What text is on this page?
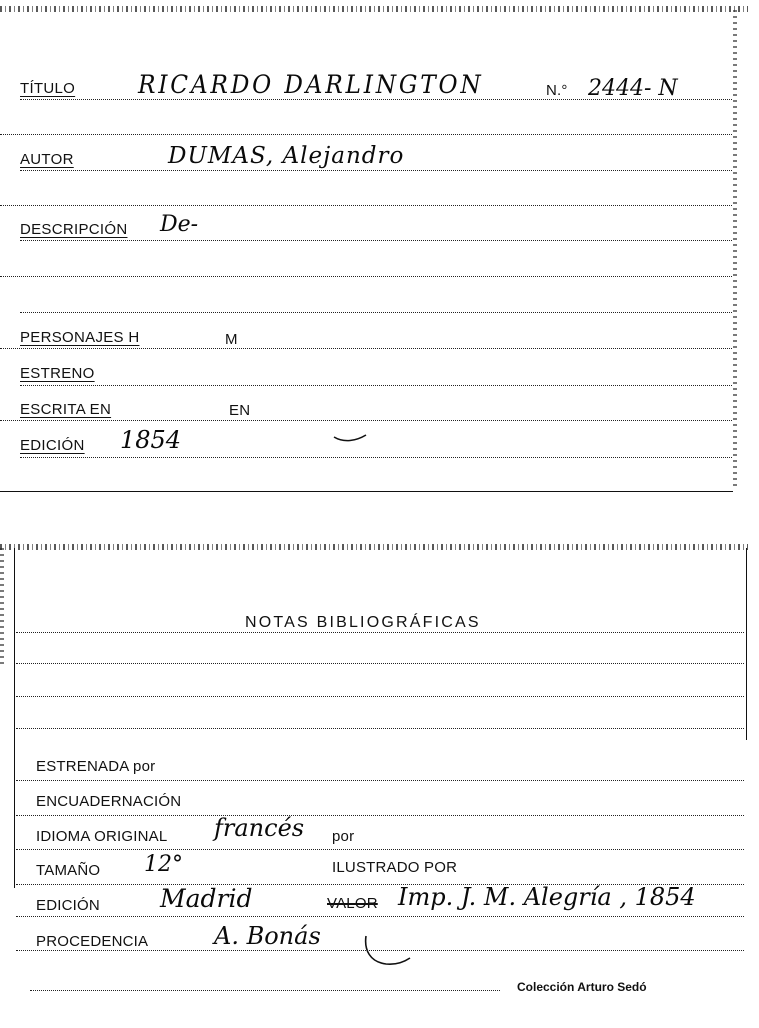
TÍTULO	RICARDO DARLINGTON	N.° 2444- N
AUTOR	DUMAS, Alejandro
DESCRIPCIÓN De-
PERSONAJES H	M
ESTRENO
ESCRITA EN	EN
EDICIÓN 1854
NOTAS BIBLIOGRÁFICAS
ESTRENADA por
ENCUADERNACIÓN
IDIOMA ORIGINAL francés por
TAMAÑO 12°	ILUSTRADO POR
EDICIÓN Madrid	VALOR Imp. J. M. Alegría , 1854
PROCEDENCIA	A. Bonás
Colección Arturo Sedó
